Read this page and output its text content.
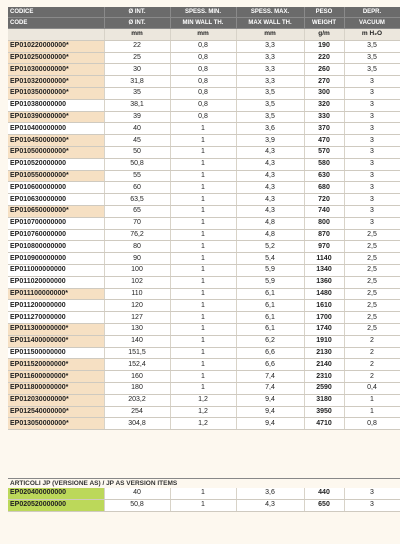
CODICE	Ø INT.	SPESS. MIN.	SPESS. MAX.	PESO	DEPR.
CODE	Ø INT.	MIN WALL TH.	MAX WALL TH.	WEIGHT	VACUUM
	mm	mm	mm	g/m	m H₂O
EP010220000000*	22	0,8	3,3	190	3,5
EP010250000000*	25	0,8	3,3	220	3,5
EP010300000000*	30	0,8	3,3	260	3,5
EP010320000000*	31,8	0,8	3,3	270	3
EP010350000000*	35	0,8	3,5	300	3
EP010380000000	38,1	0,8	3,5	320	3
EP010390000000*	39	0,8	3,5	330	3
EP010400000000	40	1	3,6	370	3
EP010450000000*	45	1	3,9	470	3
EP010500000000*	50	1	4,3	570	3
EP010520000000	50,8	1	4,3	580	3
EP010550000000*	55	1	4,3	630	3
EP010600000000	60	1	4,3	680	3
EP010630000000	63,5	1	4,3	720	3
EP010650000000*	65	1	4,3	740	3
EP010700000000	70	1	4,8	800	3
EP010760000000	76,2	1	4,8	870	2,5
EP010800000000	80	1	5,2	970	2,5
EP010900000000	90	1	5,4	1140	2,5
EP011000000000	100	1	5,9	1340	2,5
EP011020000000	102	1	5,9	1360	2,5
EP011100000000*	110	1	6,1	1480	2,5
EP011200000000	120	1	6,1	1610	2,5
EP011270000000	127	1	6,1	1700	2,5
EP011300000000*	130	1	6,1	1740	2,5
EP011400000000*	140	1	6,2	1910	2
EP011500000000	151,5	1	6,6	2130	2
EP011520000000*	152,4	1	6,6	2140	2
EP011600000000*	160	1	7,4	2310	2
EP011800000000*	180	1	7,4	2590	0,4
EP012030000000*	203,2	1,2	9,4	3180	1
EP012540000000*	254	1,2	9,4	3950	1
EP013050000000*	304,8	1,2	9,4	4710	0,8
ARTICOLI JP (VERSIONE AS) / JP AS VERSION ITEMS
EP020400000000	40	1	3,6	440	3
EP020520000000	50,8	1	4,3	650	3
